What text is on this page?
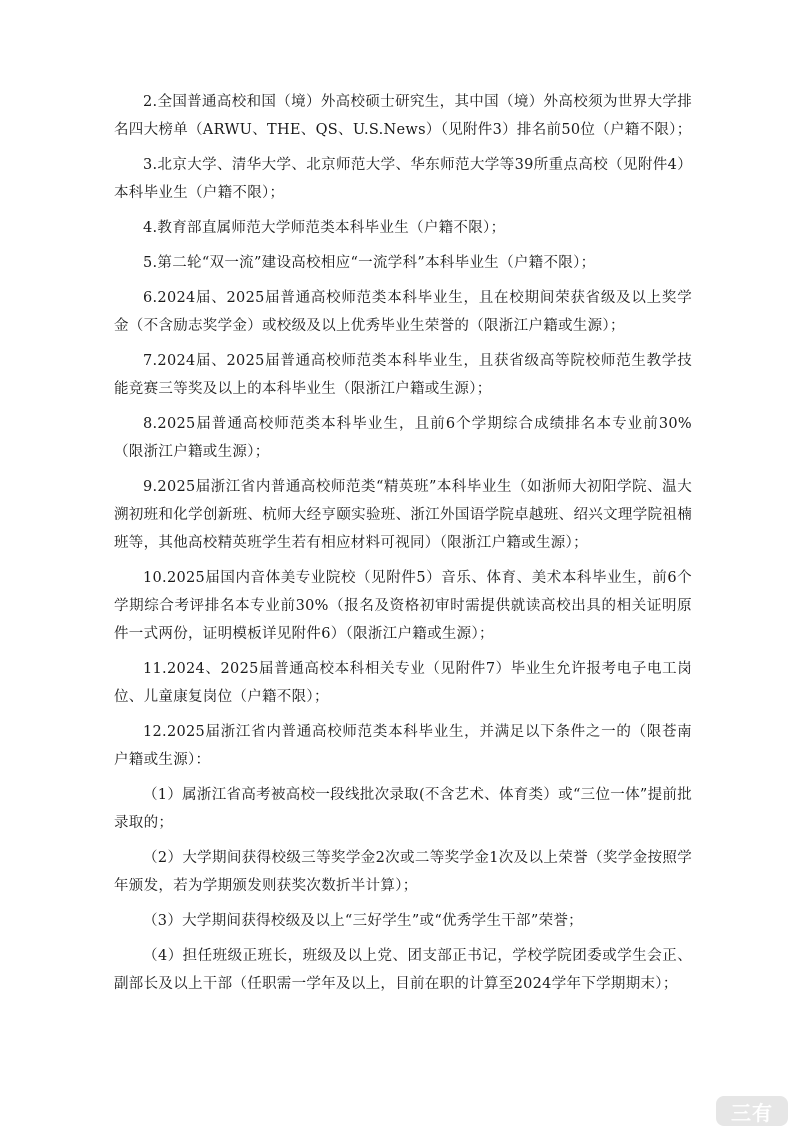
2.全国普通高校和国（境）外高校硕士研究生，其中国（境）外高校须为世界大学排名四大榜单（ARWU、THE、QS、U.S.News）（见附件3）排名前50位（户籍不限）；

3.北京大学、清华大学、北京师范大学、华东师范大学等39所重点高校（见附件4）本科毕业生（户籍不限）；

4.教育部直属师范大学师范类本科毕业生（户籍不限）；

5.第二轮“双一流”建设高校相应“一流学科”本科毕业生（户籍不限）；

6.2024届、2025届普通高校师范类本科毕业生，且在校期间荣获省级及以上奖学金（不含励志奖学金）或校级及以上优秀毕业生荣誉的（限浙江户籍或生源）；

7.2024届、2025届普通高校师范类本科毕业生，且获省级高等院校师范生教学技能竞赛三等奖及以上的本科毕业生（限浙江户籍或生源）；

8.2025届普通高校师范类本科毕业生，且前6个学期综合成绩排名本专业前30%（限浙江户籍或生源）；

9.2025届浙江省内普通高校师范类“精英班”本科毕业生（如浙师大初阳学院、温大溯初班和化学创新班、杭师大经亨颐实验班、浙江外国语学院卓越班、绍兴文理学院祖楠班等，其他高校精英班学生若有相应材料可视同）（限浙江户籍或生源）；

10.2025届国内音体美专业院校（见附件5）音乐、体育、美术本科毕业生，前6个学期综合考评排名本专业前30%（报名及资格初审时需提供就读高校出具的相关证明原件一式两份，证明模板详见附件6）（限浙江户籍或生源）；

11.2024、2025届普通高校本科相关专业（见附件7）毕业生允许报考电子电工岗位、儿童康复岗位（户籍不限）；

12.2025届浙江省内普通高校师范类本科毕业生，并满足以下条件之一的（限苍南户籍或生源）：

（1）属浙江省高考被高校一段线批次录取(不含艺术、体育类）或“三位一体”提前批录取的；

（2）大学期间获得校级三等奖学金2次或二等奖学金1次及以上荣誉（奖学金按照学年颁发，若为学期颁发则获奖次数折半计算）；

（3）大学期间获得校级及以上“三好学生”或“优秀学生干部”荣誉；

（4）担任班级正班长，班级及以上党、团支部正书记，学校学院团委或学生会正、副部长及以上干部（任职需一学年及以上，目前在职的计算至2024学年下学期期末）；

三有
